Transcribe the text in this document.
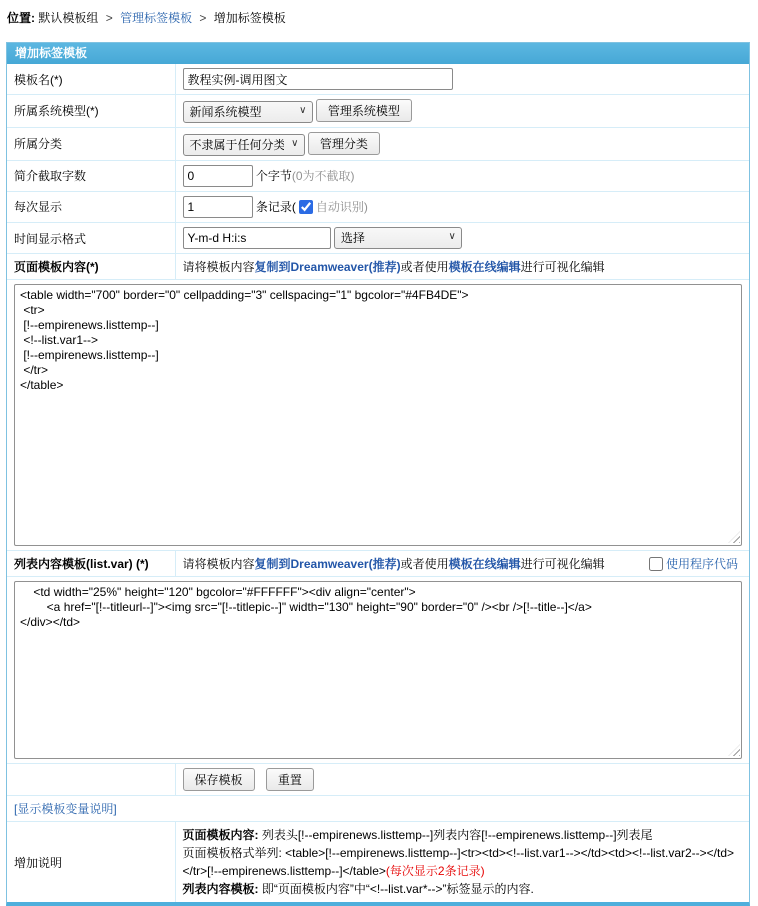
位置: 默认模板组 > 管理标签模板 > 增加标签模板
增加标签模板
模板名(*)	教程实例-调用图文
所属系统模型(*)	
新闻系统模型∨ 管理系统模型
所属分类	
不隶属于任何分类∨ 管理分类
简介截取字数	0个字节(0为不截取)
每次显示	1条记录( 自动识别)
时间显示格式	Y-m-d H:i:s
选择∨

页面模板内容(*)	请将模板内容复制到Dreamweaver(推荐)或者使用模板在线编辑进行可视化编辑

<table width="700" border="0" cellpadding="3" cellspacing="1" bgcolor="#4FB4DE"> <tr> [!--empirenews.listtemp--] <!--list.var1--> [!--empirenews.listtemp--] </tr> </table>

列表内容模板(list.var) (*)	请将模板内容复制到Dreamweaver(推荐)或者使用模板在线编辑进行可视化编辑 使用程序代码

<td width="25%" height="120" bgcolor="#FFFFFF"><div align="center"> <a href="[!--titleurl--]"><img src="[!--titlepic--]" width="130" height="90" border="0" /><br />[!--title--]</a> </div></td>

	保存模板 重置
[显示模板变量说明]	
增加说明	页面模板内容: 列表头[!--empirenews.listtemp--]列表内容[!--empirenews.listtemp--]列表尾
页面模板格式举列: <table>[!--empirenews.listtemp--]<tr><td><!--list.var1--></td><td><!--list.var2--></td></tr>[!--empirenews.listtemp--]</table>(每次显示2条记录)
列表内容模板: 即“页面模板内容”中“<!--list.var*-->”标签显示的内容.
